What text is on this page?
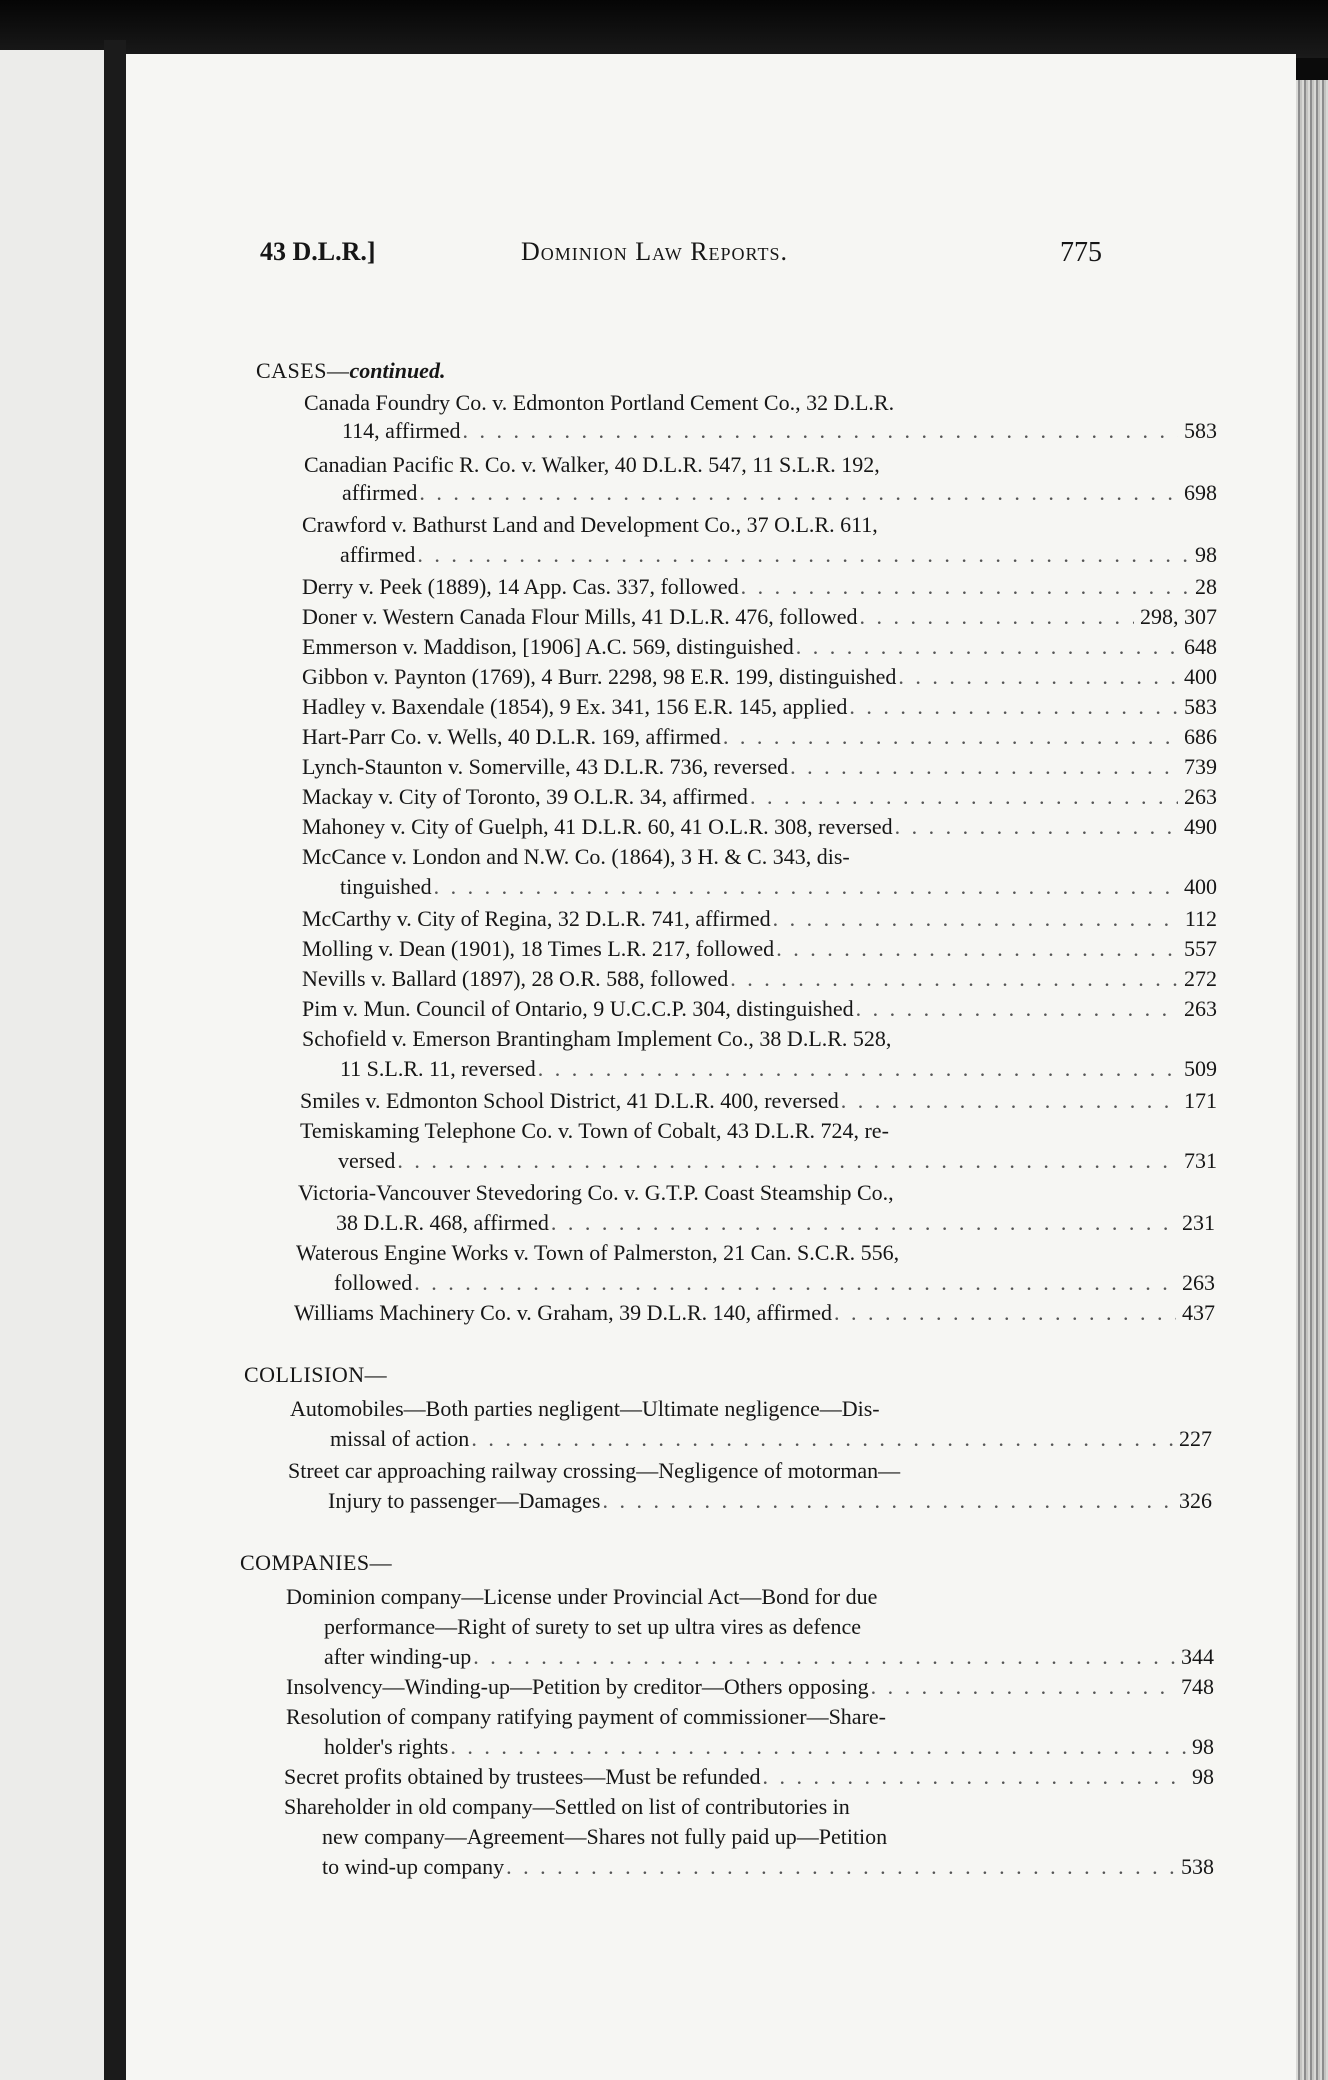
43 D.L.R.]	Dominion Law Reports.	775
CASES—continued.
Canada Foundry Co. v. Edmonton Portland Cement Co., 32 D.L.R.
114, affirmed . . .	583
Canadian Pacific R. Co. v. Walker, 40 D.L.R. 547, 11 S.L.R. 192,
affirmed . . .	698
Crawford v. Bathurst Land and Development Co., 37 O.L.R. 611,
affirmed . . .	98
Derry v. Peek (1889), 14 App. Cas. 337, followed . . .	28
Doner v. Western Canada Flour Mills, 41 D.L.R. 476, followed . . .	298, 307
Emmerson v. Maddison, [1906] A.C. 569, distinguished . . .	648
Gibbon v. Paynton (1769), 4 Burr. 2298, 98 E.R. 199, distinguished . . .	400
Hadley v. Baxendale (1854), 9 Ex. 341, 156 E.R. 145, applied . . .	583
Hart-Parr Co. v. Wells, 40 D.L.R. 169, affirmed . . .	686
Lynch-Staunton v. Somerville, 43 D.L.R. 736, reversed . . .	739
Mackay v. City of Toronto, 39 O.L.R. 34, affirmed . . .	263
Mahoney v. City of Guelph, 41 D.L.R. 60, 41 O.L.R. 308, reversed . . .	490
McCance v. London and N.W. Co. (1864), 3 H. & C. 343, dis-
tinguished . . .	400
McCarthy v. City of Regina, 32 D.L.R. 741, affirmed . . .	112
Molling v. Dean (1901), 18 Times L.R. 217, followed . . .	557
Nevills v. Ballard (1897), 28 O.R. 588, followed . . .	272
Pim v. Mun. Council of Ontario, 9 U.C.C.P. 304, distinguished . . .	263
Schofield v. Emerson Brantingham Implement Co., 38 D.L.R. 528,
11 S.L.R. 11, reversed . . .	509
Smiles v. Edmonton School District, 41 D.L.R. 400, reversed . . .	171
Temiskaming Telephone Co. v. Town of Cobalt, 43 D.L.R. 724, re-
versed . . .	731
Victoria-Vancouver Stevedoring Co. v. G.T.P. Coast Steamship Co.,
38 D.L.R. 468, affirmed . . .	231
Waterous Engine Works v. Town of Palmerston, 21 Can. S.C.R. 556,
followed . . .	263
Williams Machinery Co. v. Graham, 39 D.L.R. 140, affirmed . . .	437
COLLISION—
Automobiles—Both parties negligent—Ultimate negligence—Dis-
missal of action . . .	227
Street car approaching railway crossing—Negligence of motorman—
Injury to passenger—Damages . . .	326
COMPANIES—
Dominion company—License under Provincial Act—Bond for due
performance—Right of surety to set up ultra vires as defence
after winding-up . . .	344
Insolvency—Winding-up—Petition by creditor—Others opposing . . .	748
Resolution of company ratifying payment of commissioner—Share-
holder's rights . . .	98
Secret profits obtained by trustees—Must be refunded . . .	98
Shareholder in old company—Settled on list of contributories in
new company—Agreement—Shares not fully paid up—Petition
to wind-up company . . .	538
